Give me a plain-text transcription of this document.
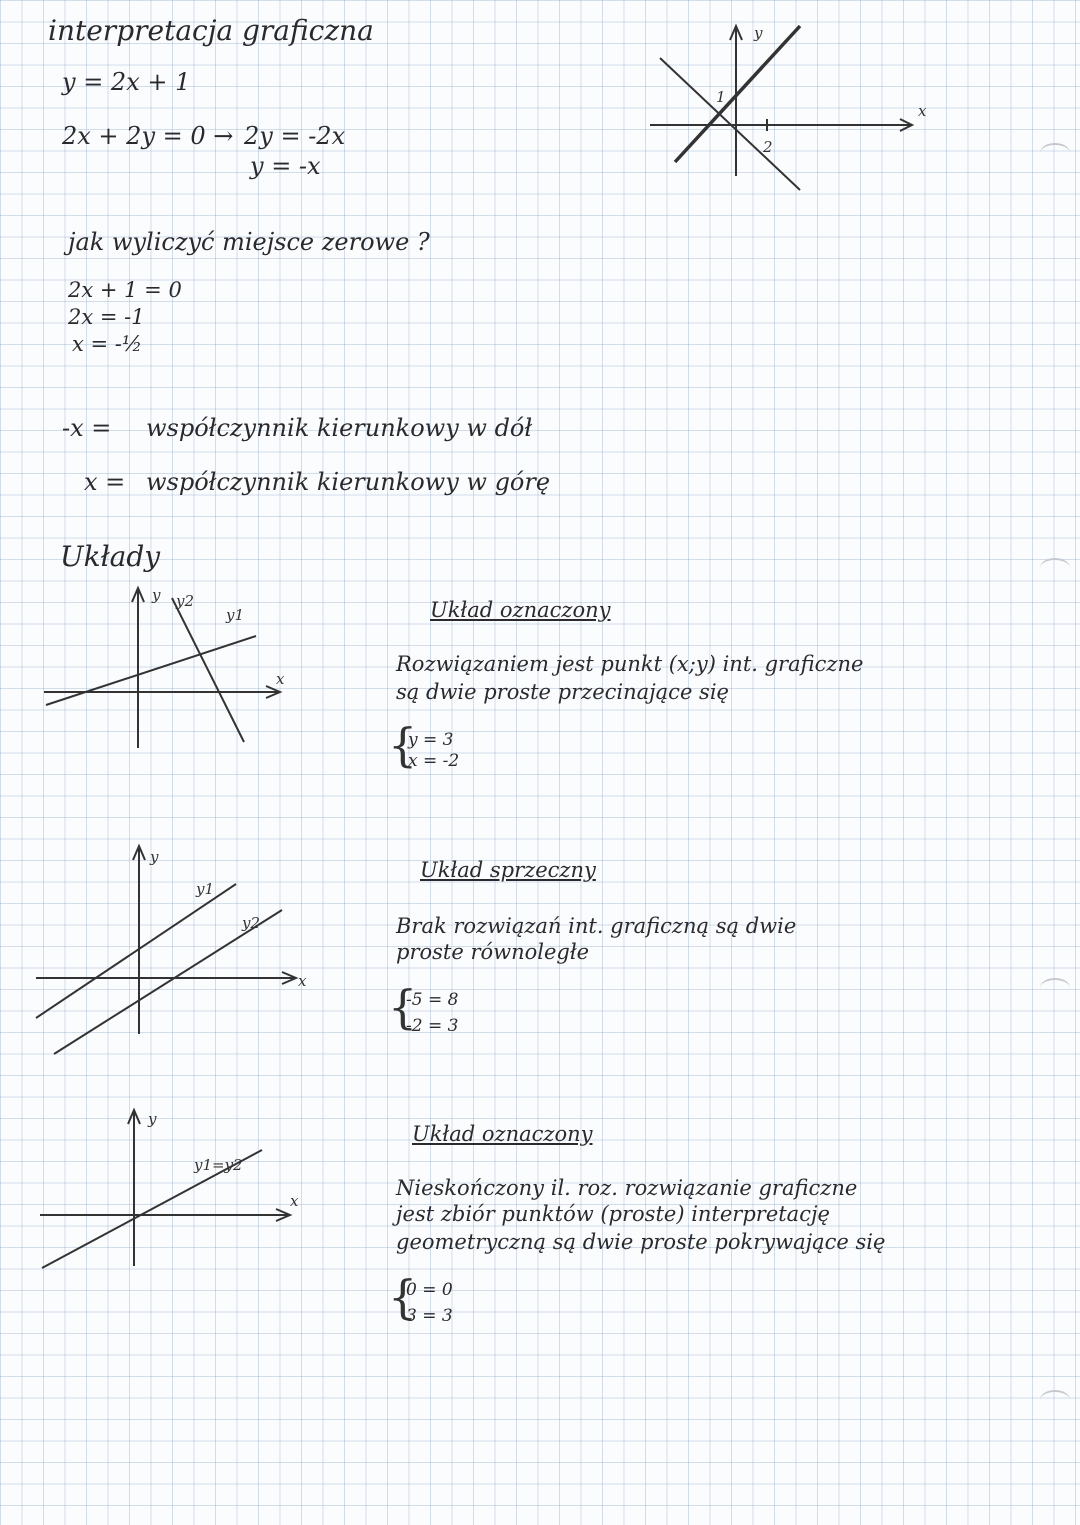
interpretacja graficzna
y = 2x + 1
2x + 2y = 0 → 2y = -2x
y = -x
y
x
1
2
jak wyliczyć miejsce zerowe ?
2x + 1 = 0
2x = -1
x = -½
-x = współczynnik kierunkowy w dół
x = współczynnik kierunkowy w górę
Układy
y y2
y1
x
Układ oznaczony
Rozwiązaniem jest punkt (x;y) int. graficzne
są dwie proste przecinające się
{
y = 3
x = -2
y
y1
y2
x
Układ sprzeczny
Brak rozwiązań int. graficzną są dwie
proste równoległe
{
-5 = 8
-2 = 3
y
y1=y2
x
Układ oznaczony
Nieskończony il. roz. rozwiązanie graficzne
jest zbiór punktów (proste) interpretację
geometryczną są dwie proste pokrywające się
{
0 = 0
3 = 3
